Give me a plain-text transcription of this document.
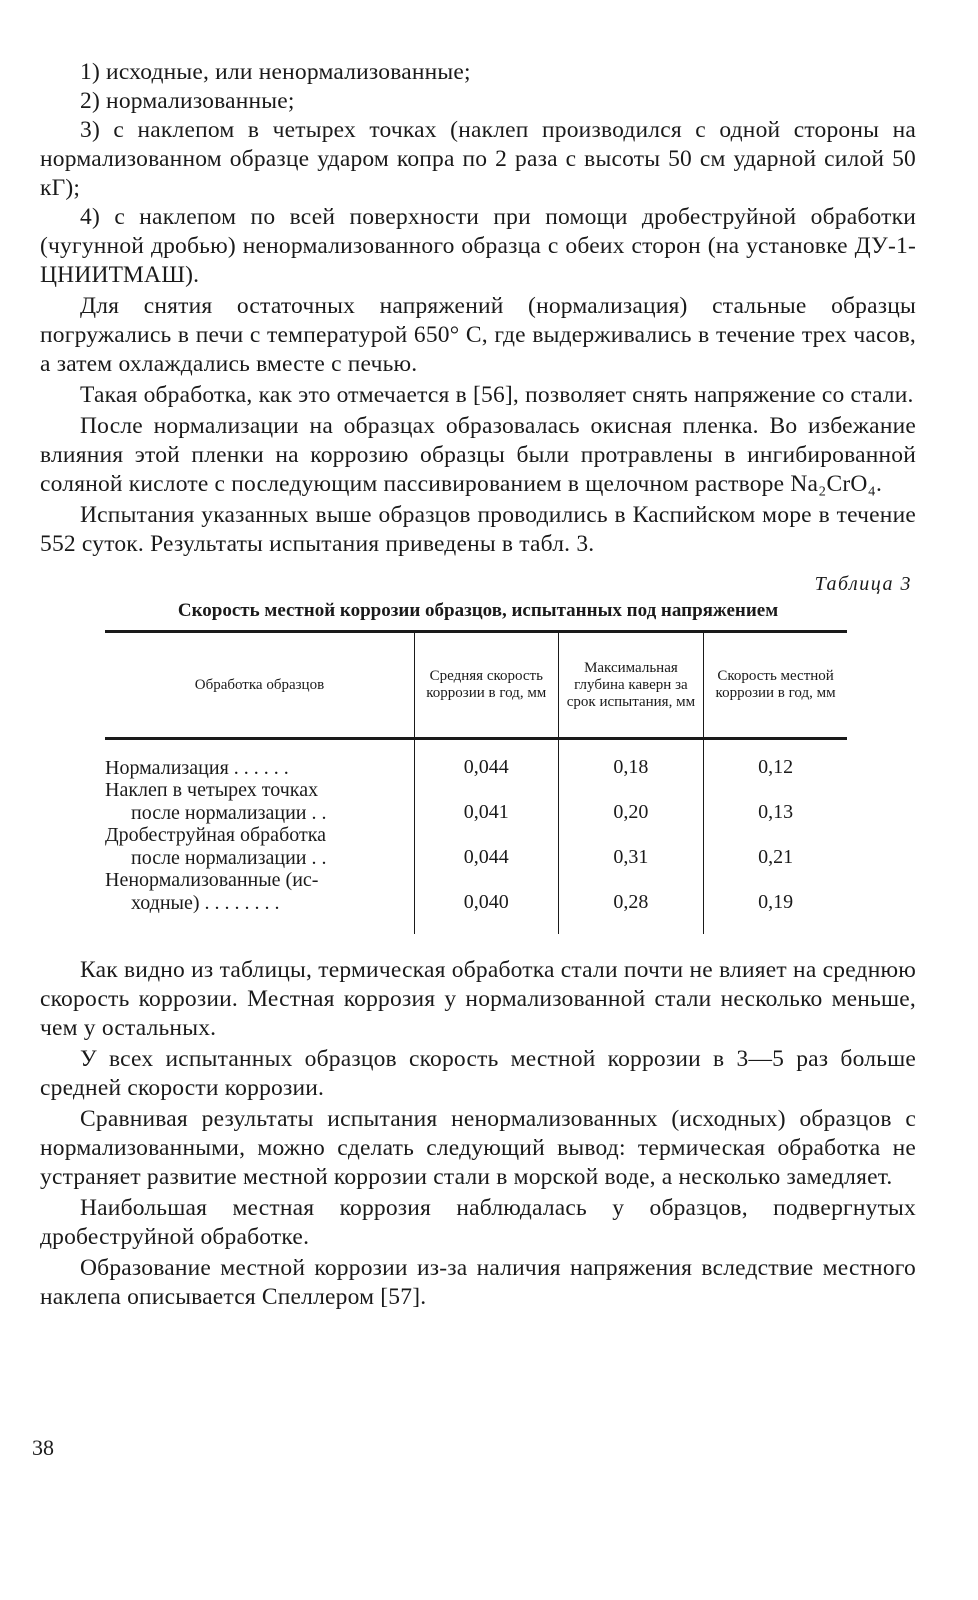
1) исходные, или ненормализованные;

2) нормализованные;

3) с наклепом в четырех точках (наклеп производился с одной стороны на нормализованном образце ударом копра по 2 раза с высоты 50 см ударной силой 50 кГ);

4) с наклепом по всей поверхности при помощи дробеструйной обработки (чугунной дробью) ненормализованного образца с обеих сторон (на установке ДУ-1-ЦНИИТМАШ).

Для снятия остаточных напряжений (нормализация) стальные образцы погружались в печи с температурой 650° С, где выдерживались в течение трех часов, а затем охлаждались вместе с печью.

Такая обработка, как это отмечается в [56], позволяет снять напряжение со стали.

После нормализации на образцах образовалась окисная пленка. Во избежание влияния этой пленки на коррозию образцы были протравлены в ингибированной соляной кислоте с последующим пассивированием в щелочном растворе Na₂CrO₄.

Испытания указанных выше образцов проводились в Каспийском море в течение 552 суток. Результаты испытания приведены в табл. 3.

Таблица 3
Скорость местной коррозии образцов, испытанных под напряжением
Обработка образцов	Средняя скорость коррозии в год, мм	Максимальная глубина каверн за срок испытания, мм	Скорость местной коррозии в год, мм

Нормализация ......	0,044	0,18	0,12
Наклеп в четырех точках
после нормализации ..	0,041	0,20	0,13
Дробеструйная обработка
после нормализации ..	0,044	0,31	0,21
Ненормализованные (ис-
ходные) ........	0,040	0,28	0,19

Как видно из таблицы, термическая обработка стали почти не влияет на среднюю скорость коррозии. Местная коррозия у нормализованной стали несколько меньше, чем у остальных.

У всех испытанных образцов скорость местной коррозии в 3—5 раз больше средней скорости коррозии.

Сравнивая результаты испытания ненормализованных (исходных) образцов с нормализованными, можно сделать следующий вывод: термическая обработка не устраняет развитие местной коррозии стали в морской воде, а несколько замедляет.

Наибольшая местная коррозия наблюдалась у образцов, подвергнутых дробеструйной обработке.

Образование местной коррозии из-за наличия напряжения вследствие местного наклепа описывается Спеллером [57].

38
